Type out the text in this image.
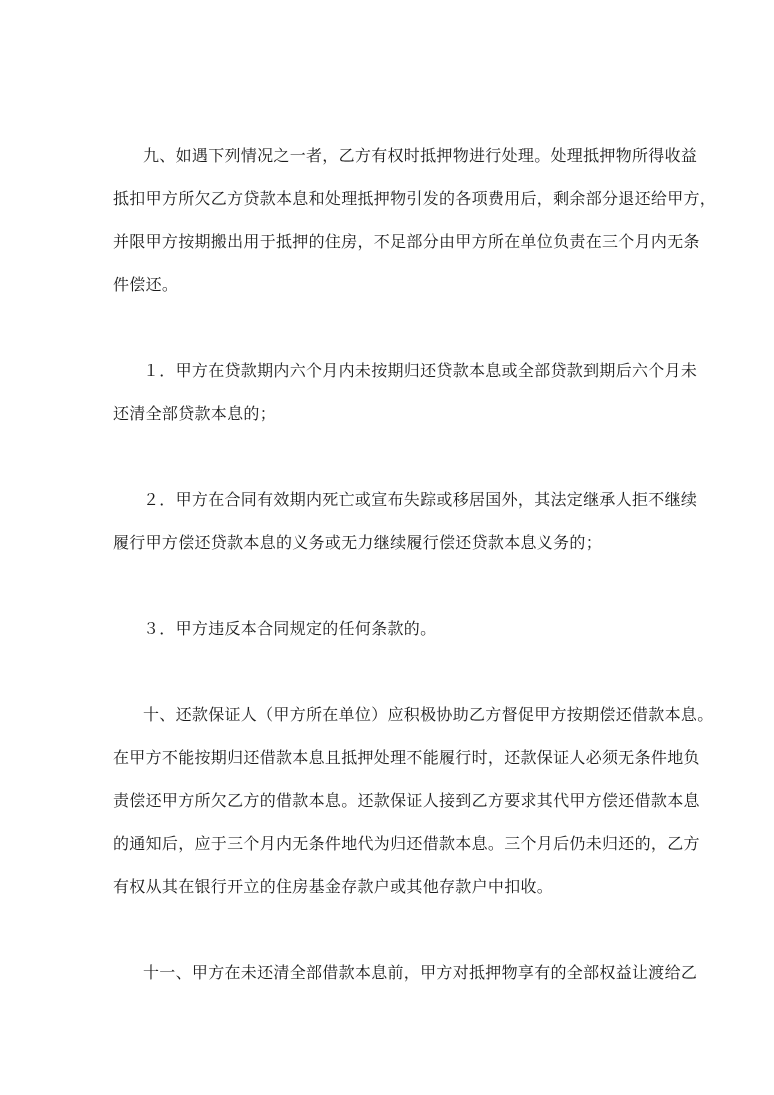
九、如遇下列情况之一者，乙方有权时抵押物进行处理。处理抵押物所得收益

抵扣甲方所欠乙方贷款本息和处理抵押物引发的各项费用后，剩余部分退还给甲方，

并限甲方按期搬出用于抵押的住房，不足部分由甲方所在单位负责在三个月内无条

件偿还。

１．甲方在贷款期内六个月内未按期归还贷款本息或全部贷款到期后六个月未

还清全部贷款本息的；

２．甲方在合同有效期内死亡或宣布失踪或移居国外，其法定继承人拒不继续

履行甲方偿还贷款本息的义务或无力继续履行偿还贷款本息义务的；

３．甲方违反本合同规定的任何条款的。

十、还款保证人（甲方所在单位）应积极协助乙方督促甲方按期偿还借款本息。

在甲方不能按期归还借款本息且抵押处理不能履行时，还款保证人必须无条件地负

责偿还甲方所欠乙方的借款本息。还款保证人接到乙方要求其代甲方偿还借款本息

的通知后，应于三个月内无条件地代为归还借款本息。三个月后仍未归还的，乙方

有权从其在银行开立的住房基金存款户或其他存款户中扣收。

十一、甲方在未还清全部借款本息前，甲方对抵押物享有的全部权益让渡给乙
